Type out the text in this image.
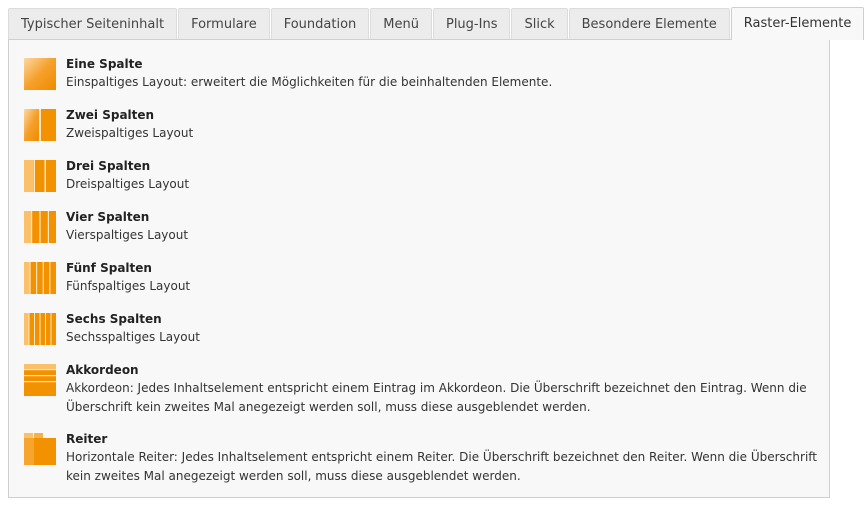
Typischer Seiteninhalt	Formulare	Foundation	Menü	Plug-Ins	Slick	Besondere Elemente	Raster-Elemente
Eine Spalte
Einspaltiges Layout: erweitert die Möglichkeiten für die beinhaltenden Elemente.
Zwei Spalten
Zweispaltiges Layout
Drei Spalten
Dreispaltiges Layout
Vier Spalten
Vierspaltiges Layout
Fünf Spalten
Fünfspaltiges Layout
Sechs Spalten
Sechsspaltiges Layout
Akkordeon
Akkordeon: Jedes Inhaltselement entspricht einem Eintrag im Akkordeon. Die Überschrift bezeichnet den Eintrag. Wenn die Überschrift kein zweites Mal anegezeigt werden soll, muss diese ausgeblendet werden.
Reiter
Horizontale Reiter: Jedes Inhaltselement entspricht einem Reiter. Die Überschrift bezeichnet den Reiter. Wenn die Überschrift kein zweites Mal anegezeigt werden soll, muss diese ausgeblendet werden.
